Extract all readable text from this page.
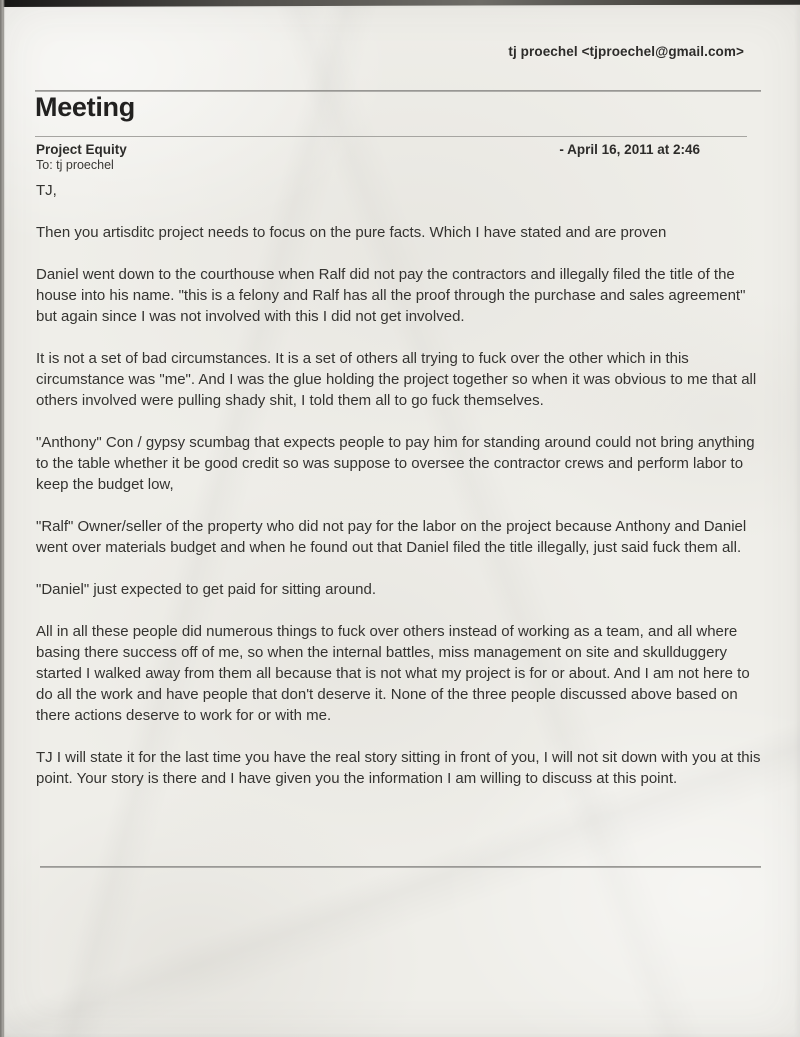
tj proechel <tjproechel@gmail.com>
Meeting
Project Equity
To: tj proechel
- April 16, 2011 at 2:46

TJ,

Then you artisditc project needs to focus on the pure facts. Which I have stated and are proven

Daniel went down to the courthouse when Ralf did not pay the contractors and illegally filed the title of the house into his name. "this is a felony and Ralf has all the proof through the purchase and sales agreement" but again since I was not involved with this I did not get involved.

It is not a set of bad circumstances. It is a set of others all trying to fuck over the other which in this circumstance was "me". And I was the glue holding the project together so when it was obvious to me that all others involved were pulling shady shit, I told them all to go fuck themselves.

"Anthony" Con / gypsy scumbag that expects people to pay him for standing around could not bring anything to the table whether it be good credit so was suppose to oversee the contractor crews and perform labor to keep the budget low,

"Ralf" Owner/seller of the property who did not pay for the labor on the project because Anthony and Daniel went over materials budget and when he found out that Daniel filed the title illegally, just said fuck them all.

"Daniel" just expected to get paid for sitting around.

All in all these people did numerous things to fuck over others instead of working as a team, and all where basing there success off of me, so when the internal battles, miss management on site and skullduggery started I walked away from them all because that is not what my project is for or about. And I am not here to do all the work and have people that don't deserve it. None of the three people discussed above based on there actions deserve to work for or with me.

TJ I will state it for the last time you have the real story sitting in front of you, I will not sit down with you at this point. Your story is there and I have given you the information I am willing to discuss at this point.
